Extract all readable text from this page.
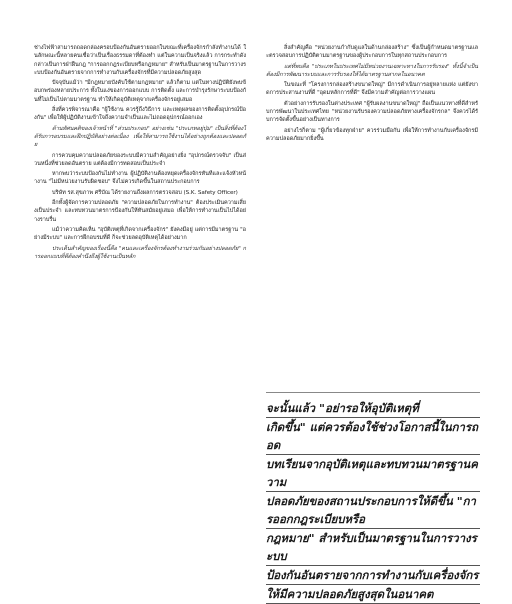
ช่างไฟฟ้าสามารถถอดกล่องครอบป้องกันอันตรายออกในขณะที่เครื่องจักรกำลังทำงานได้ ในลักษณะนี้หลายคนเชื่อว่าเป็นเรื่องธรรมดาที่ต้องทำ แต่ในความเป็นจริงแล้ว การกระทำดังกล่าวเป็นการฝ่าฝืนกฎ "การออกกฎระเบียบหรือกฎหมาย" สำหรับเป็นมาตรฐานในการวางระบบป้องกันอันตรายจากการทำงานกับเครื่องจักรที่มีความปลอดภัยสูงสุด

ปัจจุบันแม้ว่า "มีกฎหมายบังคับใช้ตามกฎหมาย" แล้วก็ตาม แต่ในทางปฏิบัติยังพบข้อบกพร่องหลายประการ ทั้งในแง่ของการออกแบบ การติดตั้ง และการบำรุงรักษาระบบป้องกันที่ไม่เป็นไปตามมาตรฐาน ทำให้เกิดอุบัติเหตุจากเครื่องจักรอยู่เสมอ

สิ่งที่ควรพิจารณาคือ "ผู้ใช้งาน ควรรู้ถึงวิธีการ และเหตุผลของการติดตั้งอุปกรณ์ป้องกัน" เพื่อให้ผู้ปฏิบัติงานเข้าใจถึงความจำเป็นและไม่ถอดอุปกรณ์ออกเอง

ด้านทัศนคติของเจ้าหน้าที่ "ส่วนประกอบ" อย่างเช่น "ประเภทอยู่ปุ่ม" เป็นสิ่งที่ต้องได้รับการอบรมและฝึกปฏิบัติอย่างต่อเนื่อง เพื่อให้สามารถใช้งานได้อย่างถูกต้องและปลอดภัย

การควบคุมความปลอดภัยของระบบมีความสำคัญอย่างยิ่ง "อุปกรณ์ตรวจจับ" เป็นส่วนหนึ่งที่ช่วยลดอันตราย แต่ต้องมีการทดสอบเป็นประจำ

หากพบว่าระบบป้องกันไม่ทำงาน ผู้ปฏิบัติงานต้องหยุดเครื่องจักรทันทีและแจ้งหัวหน้างาน "ไม่มีหน่วยงานรับผิดชอบ" จึงไม่ควรเกิดขึ้นในสถานประกอบการ

บริษัท รส.สุขภาพ ศรีบัณ ได้รายงานถึงผลการตรวจสอบ (S.K. Safety Officer)

อีกทั้งผู้จัดการความปลอดภัย "ความปลอดภัยในการทำงาน" ต้องประเมินความเสี่ยงเป็นประจำ และทบทวนมาตรการป้องกันให้ทันสมัยอยู่เสมอ เพื่อให้การทำงานเป็นไปได้อย่างราบรื่น

แม้ว่าความคิดเห็น "อุบัติเหตุที่เกิดจากเครื่องจักร" ยังคงมีอยู่ แต่การมีมาตรฐาน "อย่างมีระบบ" และการฝึกอบรมที่ดี ก็จะช่วยลดอุบัติเหตุได้อย่างมาก

ประเด็นสำคัญของเรื่องนี้คือ "คนและเครื่องจักรต้องทำงานร่วมกันอย่างปลอดภัย" การออกแบบที่ดีต้องคำนึงถึงผู้ใช้งานเป็นหลัก

สิ่งสำคัญคือ "หน่วยงานกำกับดูแลในด้านกล่องสร้าง" ซึ่งเป็นผู้กำหนดมาตรฐานและตรวจสอบการปฏิบัติตามมาตรฐานของผู้ประกอบการในทุกสถานประกอบการ

แต่ที่พบคือ "ประเภทในประเทศไม่มีหน่วยงานเฉพาะทางในการรับรอง" ทั้งนี้จำเป็นต้องมีการพัฒนาระบบและการรับรองให้ได้มาตรฐานสากลในอนาคต

ในขณะที่ "โครงการกล่องสร้างขนาดใหญ่" มีการดำเนินการอยู่หลายแห่ง แต่ยังขาดการประสานงานที่ดี "อุดมหลักการที่ดี" จึงมีความสำคัญต่อการวางแผน

ตัวอย่างการรับรองในต่างประเทศ "ผู้รับผลงานขนาดใหญ่" ถือเป็นแนวทางที่ดีสำหรับการพัฒนาในประเทศไทย "หน่วยงานรับรองความปลอดภัยทางเครื่องจักรกล" จึงควรได้รับการจัดตั้งขึ้นอย่างเป็นทางการ

อย่างไรก็ตาม "ผู้เกี่ยวข้องทุกฝ่าย" ควรร่วมมือกัน เพื่อให้การทำงานกับเครื่องจักรมีความปลอดภัยมากยิ่งขึ้น

จะนั้นแล้ว "อย่ารอให้อุบัติเหตุที่
เกิดขึ้น" แต่ควรต้องใช้ช่วงโอกาสนี้ในการถอด
บทเรียนจากอุบัติเหตุและทบทวนมาตรฐานความ
ปลอดภัยของสถานประกอบการให้ดีขึ้น "การออกกฎระเบียบหรือ
กฎหมาย" สำหรับเป็นมาตรฐานในการวางระบบ
ป้องกันอันตรายจากการทำงานกับเครื่องจักร
ให้มีความปลอดภัยสูงสุดในอนาคต
